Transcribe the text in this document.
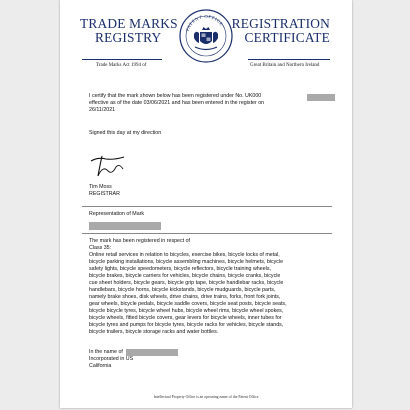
TRADE MARKS
REGISTRY
REGISTRATION
CERTIFICATE
Trade Marks Act 1994 of	Great Britain and Northern Ireland
PATENT OFFICE
I certify that the mark shown below has been registered under No. UK000
effective as of the date 03/06/2021 and has been entered in the register on
26/11/2021
Signed this day at my direction
Tim Moss
REGISTRAR
Representation of Mark
The mark has been registered in respect of
Class 35:
Online retail services in relation to bicycles, exercise bikes, bicycle locks of metal,
bicycle parking installations, bicycle assembling machines, bicycle helmets, bicycle
safety lights, bicycle speedometers, bicycle reflectors, bicycle training wheels,
bicycle brakes, bicycle carriers for vehicles, bicycle chains, bicycle cranks, bicycle
cue sheet holders, bicycle gears, bicycle grip tape, bicycle handlebar racks, bicycle
handlebars, bicycle horns, bicycle kickstands, bicycle mudguards, bicycle parts,
namely brake shoes, disk wheels, drive chains, drive trains, forks, front fork joints,
gear wheels, bicycle pedals, bicycle saddle covers, bicycle seat posts, bicycle seats,
bicycle bicycle tyres, bicycle wheel hubs, bicycle wheel rims, bicycle wheel spokes,
bicycle wheels, fitted bicycle covers, gear levers for bicycle wheels, inner tubes for
bicycle tyres and pumps for bicycle tyres, bicycle racks for vehicles, bicycle stands,
bicycle trailers, bicycle storage racks and water bottles.
In the name of
Incorporated in US
California
Intellectual Property Office is an operating name of the Patent Office
